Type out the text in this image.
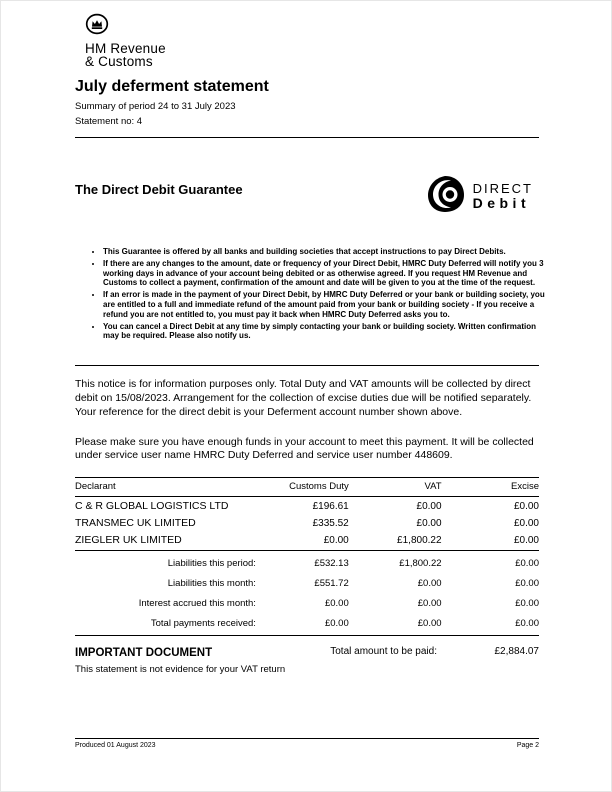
HM Revenue
& Customs
July deferment statement
Summary of period 24 to 31 July 2023
Statement no: 4
The Direct Debit Guarantee	DIRECT
Debit
• This Guarantee is offered by all banks and building societies that accept instructions to pay Direct Debits.
• If there are any changes to the amount, date or frequency of your Direct Debit, HMRC Duty Deferred will notify you 3 working days in advance of your account being debited or as otherwise agreed. If you request HM Revenue and Customs to collect a payment, confirmation of the amount and date will be given to you at the time of the request.
• If an error is made in the payment of your Direct Debit, by HMRC Duty Deferred or your bank or building society, you are entitled to a full and immediate refund of the amount paid from your bank or building society - If you receive a refund you are not entitled to, you must pay it back when HMRC Duty Deferred asks you to.
• You can cancel a Direct Debit at any time by simply contacting your bank or building society. Written confirmation may be required. Please also notify us.

This notice is for information purposes only. Total Duty and VAT amounts will be collected by direct debit on 15/08/2023. Arrangement for the collection of excise duties due will be notified separately. Your reference for the direct debit is your Deferment account number shown above.

Please make sure you have enough funds in your account to meet this payment. It will be collected under service user name HMRC Duty Deferred and service user number 448609.

Declarant	Customs Duty	VAT	Excise
C & R GLOBAL LOGISTICS LTD	£196.61	£0.00	£0.00
TRANSMEC UK LIMITED	£335.52	£0.00	£0.00
ZIEGLER UK LIMITED	£0.00	£1,800.22	£0.00
Liabilities this period:	£532.13	£1,800.22	£0.00
Liabilities this month:	£551.72	£0.00	£0.00
Interest accrued this month:	£0.00	£0.00	£0.00
Total payments received:	£0.00	£0.00	£0.00
Total amount to be paid:	£2,884.07
IMPORTANT DOCUMENT
This statement is not evidence for your VAT return
Produced 01 August 2023	Page 2
